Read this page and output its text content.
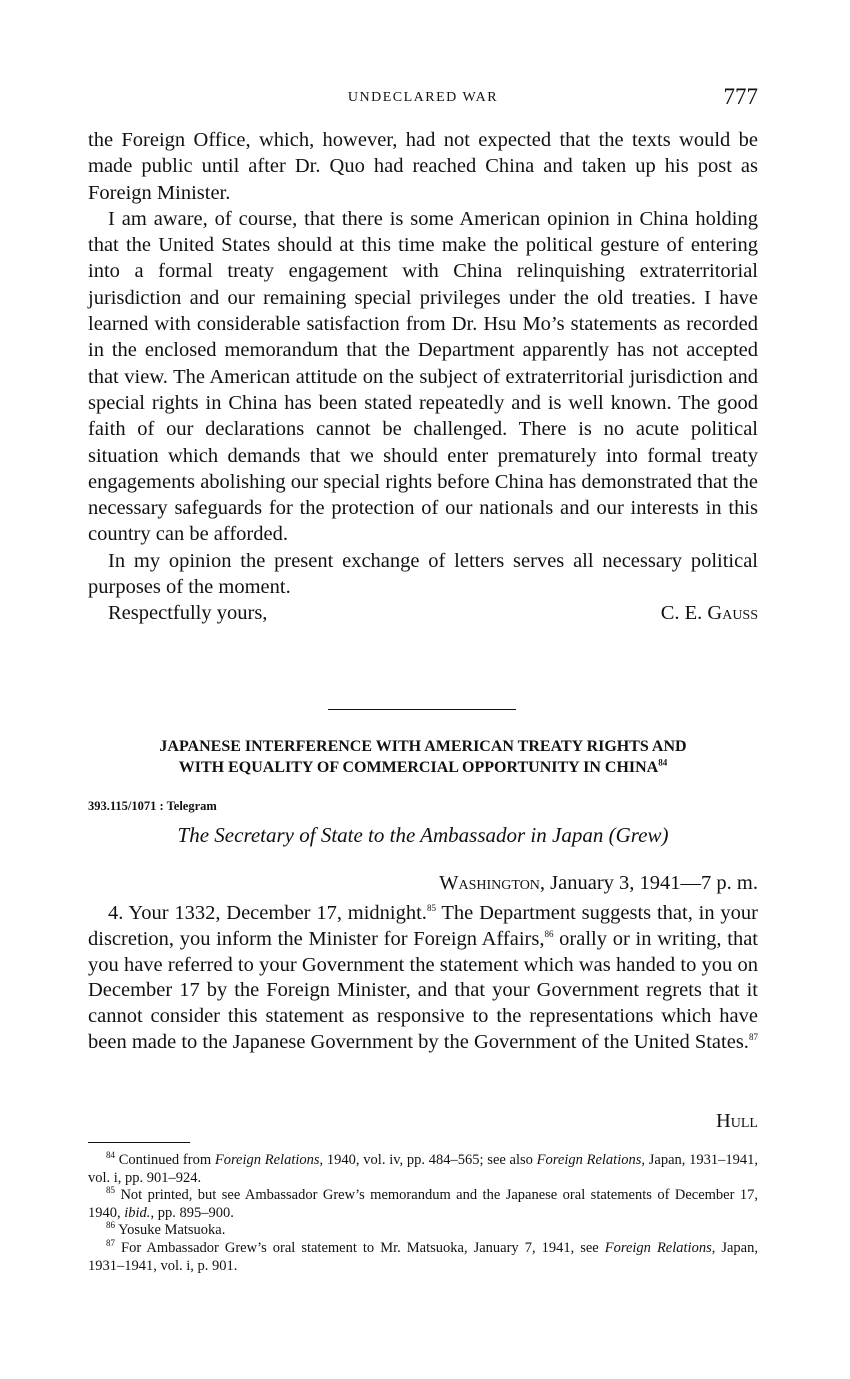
UNDECLARED WAR	777

the Foreign Office, which, however, had not expected that the texts would be made public until after Dr. Quo had reached China and taken up his post as Foreign Minister.

I am aware, of course, that there is some American opinion in China holding that the United States should at this time make the political gesture of entering into a formal treaty engagement with China relinquishing extraterritorial jurisdiction and our remaining special privileges under the old treaties. I have learned with considerable satisfaction from Dr. Hsu Mo’s statements as recorded in the enclosed memorandum that the Department apparently has not accepted that view. The American attitude on the subject of extraterritorial jurisdiction and special rights in China has been stated repeatedly and is well known. The good faith of our declarations cannot be challenged. There is no acute political situation which demands that we should enter prematurely into formal treaty engagements abolishing our special rights before China has demonstrated that the necessary safeguards for the protection of our nationals and our interests in this country can be afforded.

In my opinion the present exchange of letters serves all necessary political purposes of the moment.

Respectfully yours,	C. E. Gauss
JAPANESE INTERFERENCE WITH AMERICAN TREATY RIGHTS AND
WITH EQUALITY OF COMMERCIAL OPPORTUNITY IN CHINA$^{84}$
393.115/1071 : Telegram
The Secretary of State to the Ambassador in Japan (Grew)
Washington, January 3, 1941—7 p. m.

4. Your 1332, December 17, midnight.$^{85}$ The Department suggests that, in your discretion, you inform the Minister for Foreign Affairs,$^{86}$ orally or in writing, that you have referred to your Government the statement which was handed to you on December 17 by the Foreign Minister, and that your Government regrets that it cannot consider this statement as responsive to the representations which have been made to the Japanese Government by the Government of the United States.$^{87}$

Hull

$^{84}$ Continued from Foreign Relations, 1940, vol. iv, pp. 484–565; see also Foreign Relations, Japan, 1931–1941, vol. i, pp. 901–924.

$^{85}$ Not printed, but see Ambassador Grew’s memorandum and the Japanese oral statements of December 17, 1940, ibid., pp. 895–900.

$^{86}$ Yosuke Matsuoka.

$^{87}$ For Ambassador Grew’s oral statement to Mr. Matsuoka, January 7, 1941, see Foreign Relations, Japan, 1931–1941, vol. i, p. 901.
